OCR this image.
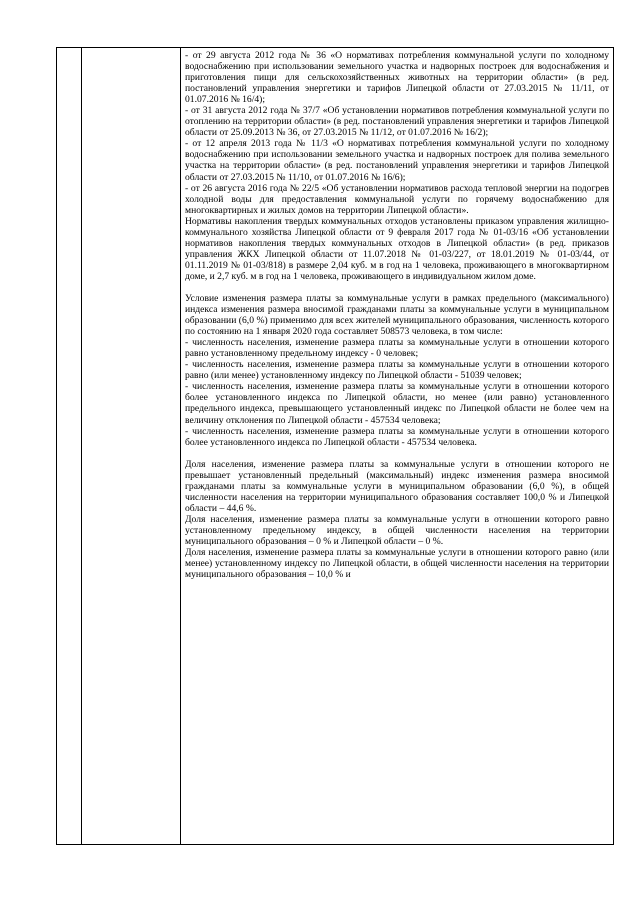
- от 29 августа 2012 года № 36 «О нормативах потребления коммунальной услуги по холодному водоснабжению при использовании земельного участка и надворных построек для водоснабжения и приготовления пищи для сельскохозяйственных животных на территории области» (в ред. постановлений управления энергетики и тарифов Липецкой области от 27.03.2015 № 11/11, от 01.07.2016 № 16/4);

- от 31 августа 2012 года № 37/7 «Об установлении нормативов потребления коммунальной услуги по отоплению на территории области» (в ред. постановлений управления энергетики и тарифов Липецкой области от 25.09.2013 № 36, от 27.03.2015 № 11/12, от 01.07.2016 № 16/2);

- от 12 апреля 2013 года № 11/3 «О нормативах потребления коммунальной услуги по холодному водоснабжению при использовании земельного участка и надворных построек для полива земельного участка на территории области» (в ред. постановлений управления энергетики и тарифов Липецкой области от 27.03.2015 № 11/10, от 01.07.2016 № 16/6);

- от 26 августа 2016 года № 22/5 «Об установлении нормативов расхода тепловой энергии на подогрев холодной воды для предоставления коммунальной услуги по горячему водоснабжению для многоквартирных и жилых домов на территории Липецкой области».

Нормативы накопления твердых коммунальных отходов установлены приказом управления жилищно-коммунального хозяйства Липецкой области от 9 февраля 2017 года № 01-03/16 «Об установлении нормативов накопления твердых коммунальных отходов в Липецкой области» (в ред. приказов управления ЖКХ Липецкой области от 11.07.2018 № 01-03/227, от 18.01.2019 № 01-03/44, от 01.11.2019 № 01-03/818) в размере 2,04 куб. м в год на 1 человека, проживающего в многоквартирном доме, и 2,7 куб. м в год на 1 человека, проживающего в индивидуальном жилом доме.

Условие изменения размера платы за коммунальные услуги в рамках предельного (максимального) индекса изменения размера вносимой гражданами платы за коммунальные услуги в муниципальном образовании (6,0 %) применимо для всех жителей муниципального образования, численность которого по состоянию на 1 января 2020 года составляет 508573 человека, в том числе:

- численность населения, изменение размера платы за коммунальные услуги в отношении которого равно установленному предельному индексу - 0 человек;

- численность населения, изменение размера платы за коммунальные услуги в отношении которого равно (или менее) установленному индексу по Липецкой области - 51039 человек;

- численность населения, изменение размера платы за коммунальные услуги в отношении которого более установленного индекса по Липецкой области, но менее (или равно) установленного предельного индекса, превышающего установленный индекс по Липецкой области не более чем на величину отклонения по Липецкой области - 457534 человека;

- численность населения, изменение размера платы за коммунальные услуги в отношении которого более установленного индекса по Липецкой области - 457534 человека.

Доля населения, изменение размера платы за коммунальные услуги в отношении которого не превышает установленный предельный (максимальный) индекс изменения размера вносимой гражданами платы за коммунальные услуги в муниципальном образовании (6,0 %), в общей численности населения на территории муниципального образования составляет 100,0 % и Липецкой области – 44,6 %.

Доля населения, изменение размера платы за коммунальные услуги в отношении которого равно установленному предельному индексу, в общей численности населения на территории муниципального образования – 0 % и Липецкой области – 0 %.

Доля населения, изменение размера платы за коммунальные услуги в отношении которого равно (или менее) установленному индексу по Липецкой области, в общей численности населения на территории муниципального образования – 10,0 % и
